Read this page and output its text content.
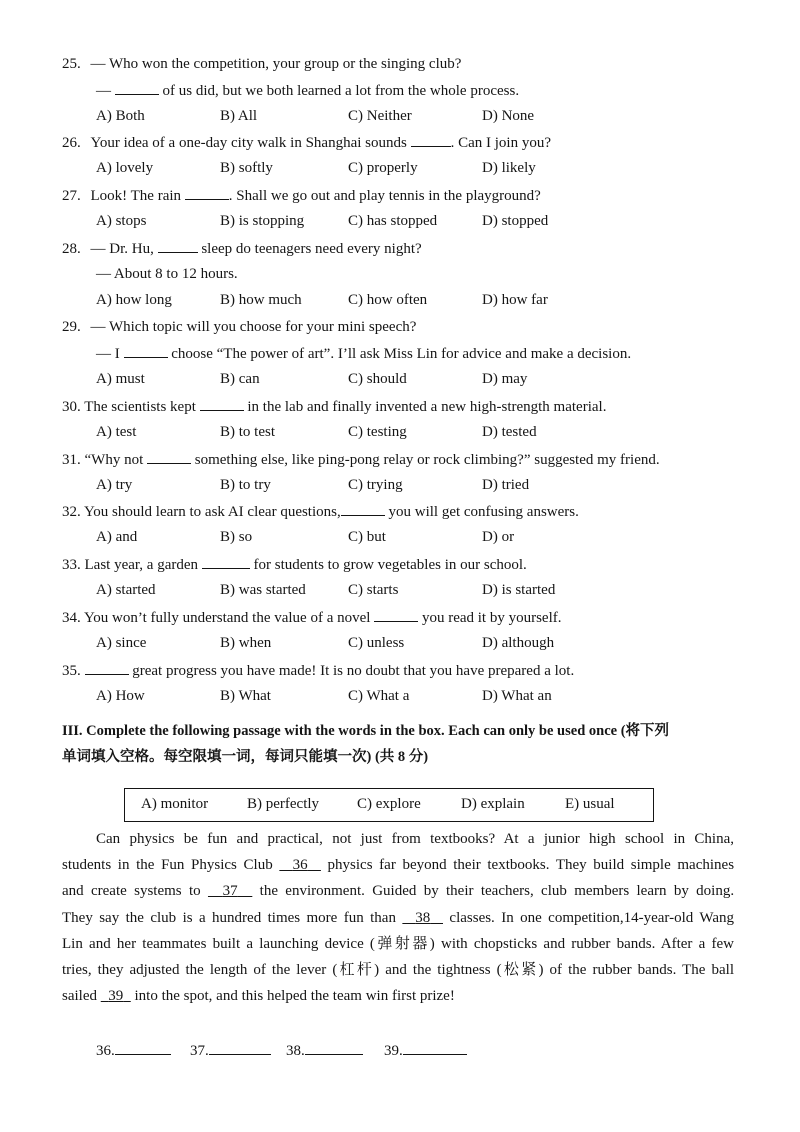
25. — Who won the competition, your group or the singing club?
—	of us did, but we both learned a lot from the whole process.
A) Both	B) All	C) Neither	D) None
26. Your idea of a one-day city walk in Shanghai sounds	. Can I join you?
A) lovely	B) softly	C) properly	D) likely
27. Look! The rain	. Shall we go out and play tennis in the playground?
A) stops	B) is stopping	C) has stopped	D) stopped
28. — Dr. Hu,	sleep do teenagers need every night?
— About 8 to 12 hours.
A) how long	B) how much	C) how often	D) how far
29. — Which topic will you choose for your mini speech?
— I	choose “The power of art”. I’ll ask Miss Lin for advice and make a decision.
A) must	B) can	C) should	D) may
30. The scientists kept	in the lab and finally invented a new high-strength material.
A) test	B) to test	C) testing	D) tested
31. “Why not	something else, like ping-pong relay or rock climbing?” suggested my friend.
A) try	B) to try	C) trying	D) tried
32. You should learn to ask AI clear questions,	you will get confusing answers.
A) and	B) so	C) but	D) or
33. Last year, a garden	for students to grow vegetables in our school.
A) started	B) was started	C) starts	D) is started
34. You won’t fully understand the value of a novel	you read it by yourself.
A) since	B) when	C) unless	D) although
35.	great progress you have made! It is no doubt that you have prepared a lot.
A) How	B) What	C) What a	D) What an
III. Complete the following passage with the words in the box. Each can only be used once (将下列
单词填入空格。每空限填一词，每词只能填一次) (共 8 分)
A) monitor	B) perfectly	C) explore	D) explain	E) usual
Can physics be fun and practical, not just from textbooks? At a junior high school in China,
students in the Fun Physics Club 36 physics far beyond their textbooks. They build simple machines
and create systems to 37 the environment. Guided by their teachers, club members learn by doing.
They say the club is a hundred times more fun than 38 classes. In one competition,14-year-old Wang
Lin and her teammates built a launching device (弹射器) with chopsticks and rubber bands. After a few
tries, they adjusted the length of the lever (杠杆) and the tightness (松紧) of the rubber bands. The ball
sailed 39 into the spot, and this helped the team win first prize!
36.	37.	38.	39.
